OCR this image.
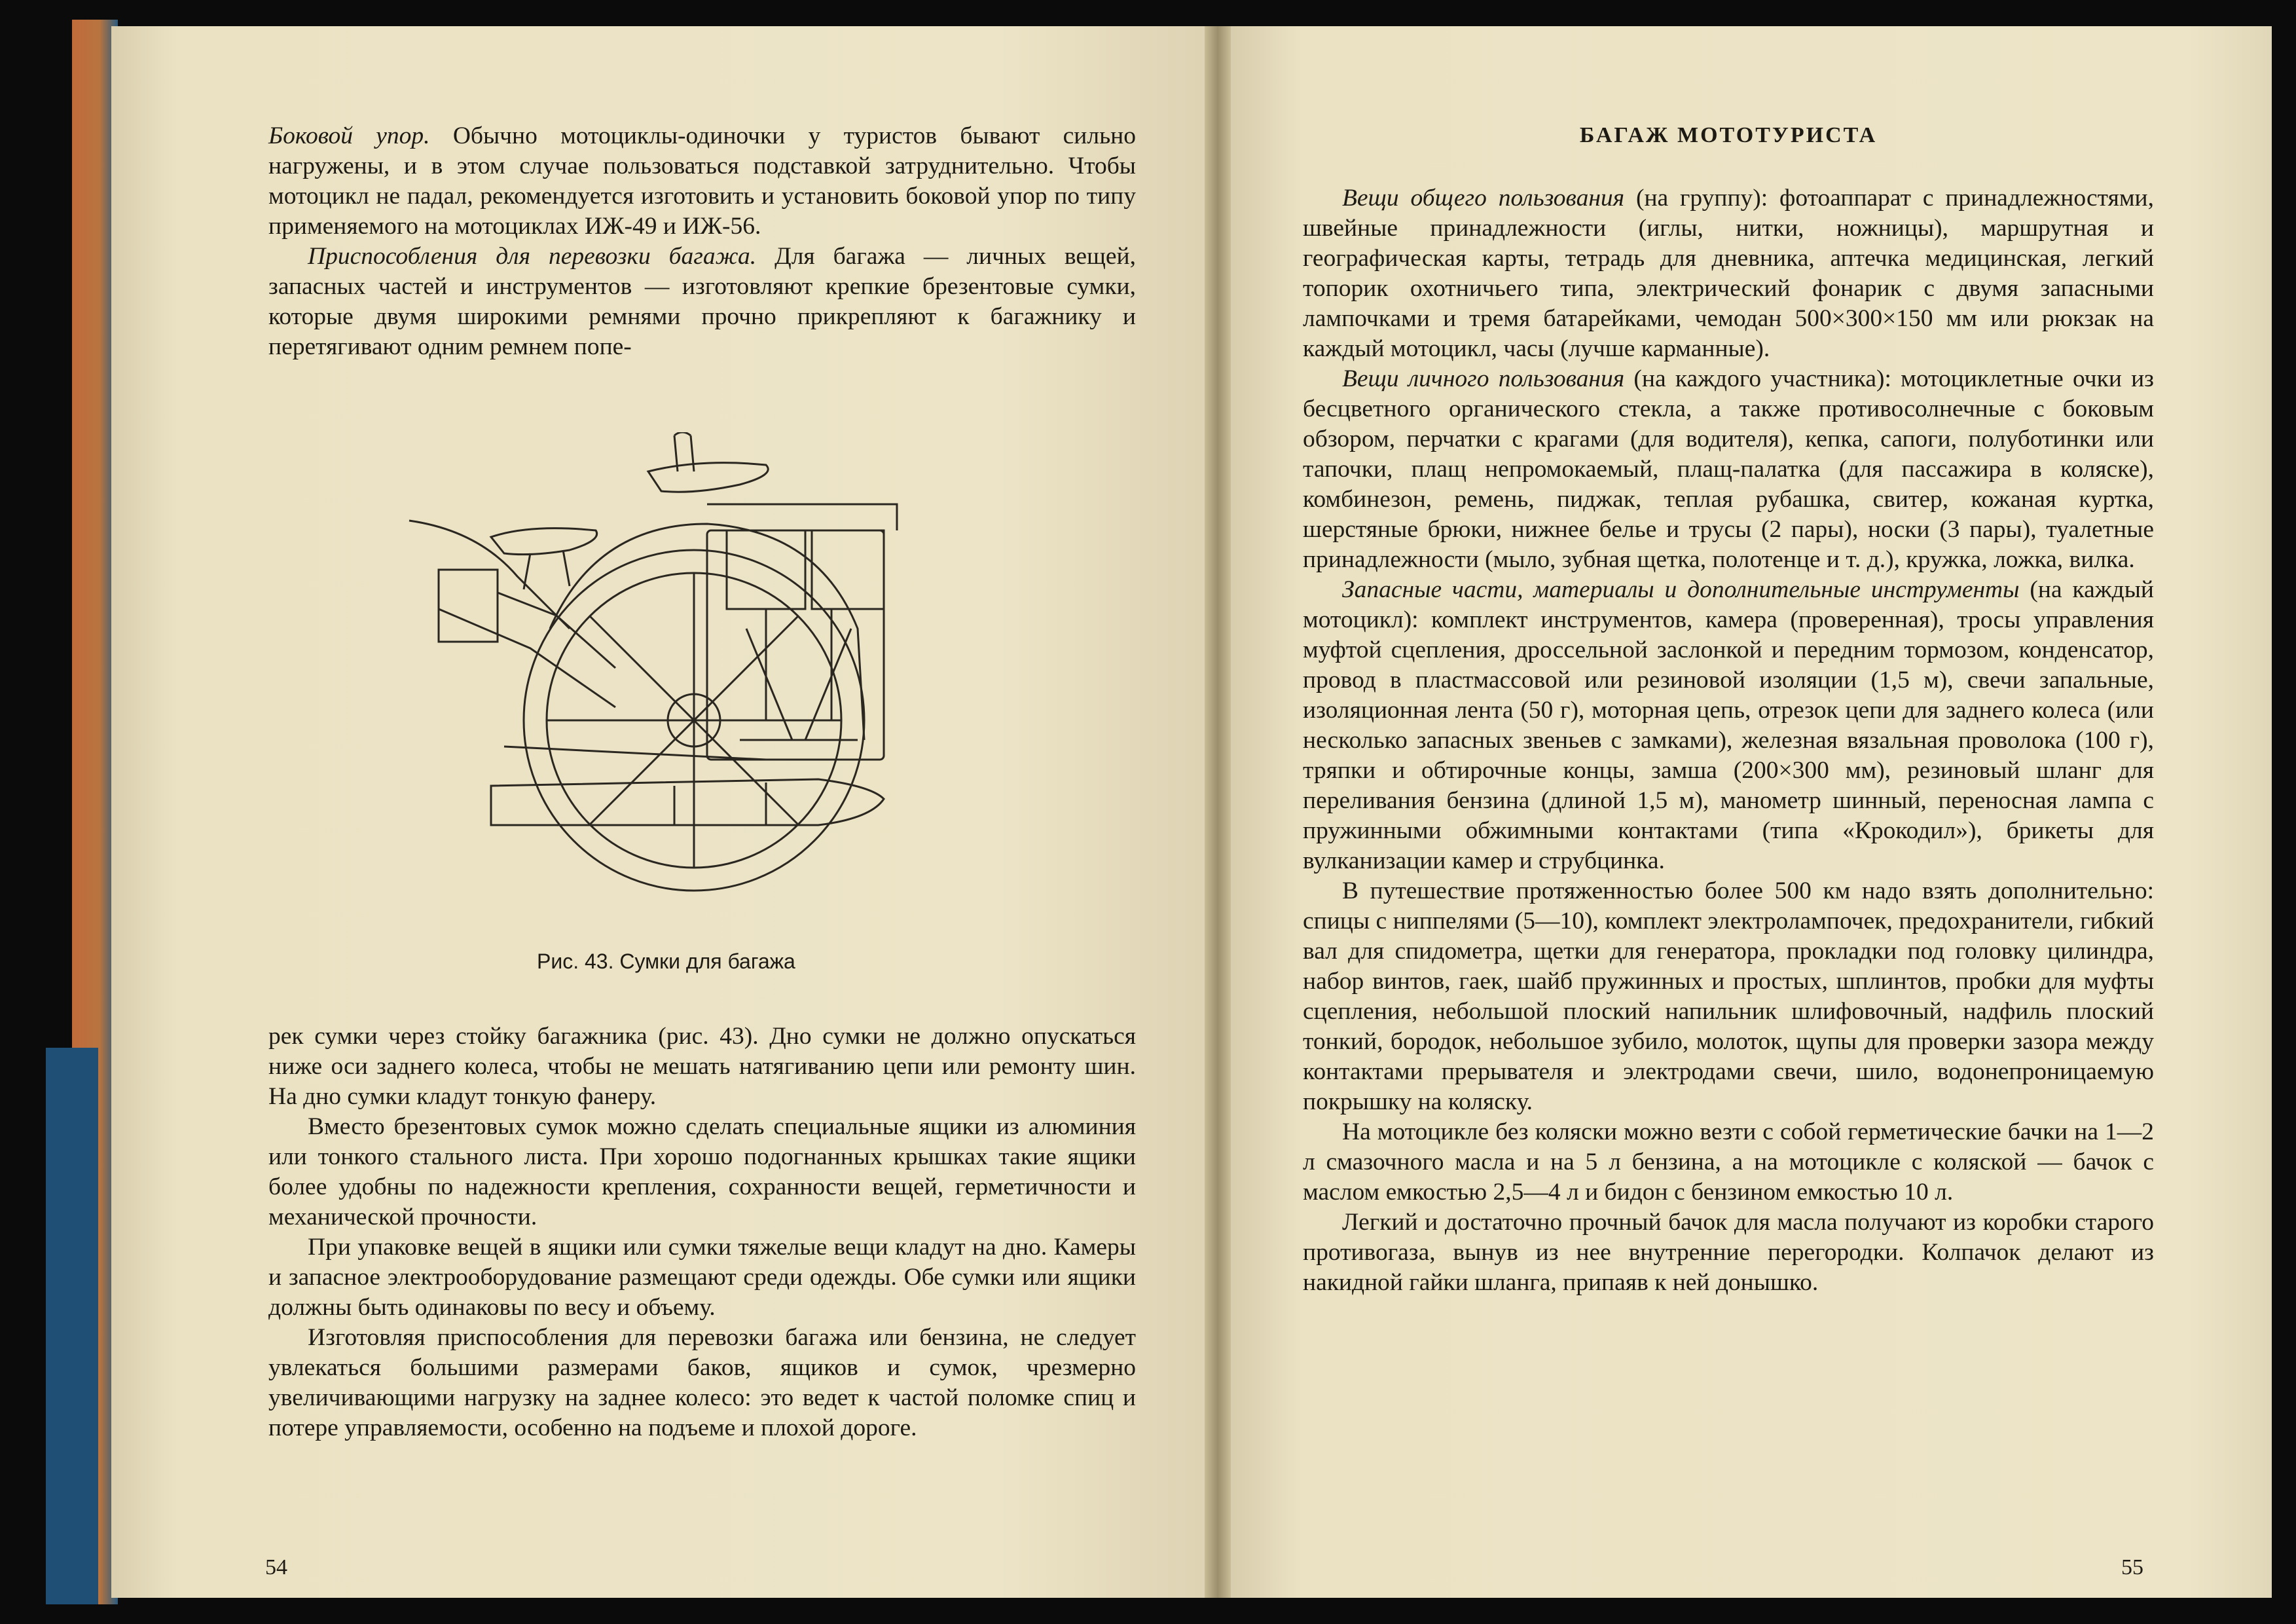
Боковой упор. Обычно мотоциклы-одиночки у туристов бывают сильно нагружены, и в этом случае пользоваться подставкой затруднительно. Чтобы мотоцикл не падал, рекомендуется изготовить и установить боковой упор по типу применяемого на мотоциклах ИЖ-49 и ИЖ-56.

Приспособления для перевозки багажа. Для багажа — личных вещей, запасных частей и инструментов — изготовляют крепкие брезентовые сумки, которые двумя широкими ремнями прочно прикрепляют к багажнику и перетягивают одним ремнем попе-

Рис. 43. Сумки для багажа

рек сумки через стойку багажника (рис. 43). Дно сумки не должно опускаться ниже оси заднего колеса, чтобы не мешать натягиванию цепи или ремонту шин. На дно сумки кладут тонкую фанеру.

Вместо брезентовых сумок можно сделать специальные ящики из алюминия или тонкого стального листа. При хорошо подогнанных крышках такие ящики более удобны по надежности крепления, сохранности вещей, герметичности и механической прочности.

При упаковке вещей в ящики или сумки тяжелые вещи кладут на дно. Камеры и запасное электрооборудование размещают среди одежды. Обе сумки или ящики должны быть одинаковы по весу и объему.

Изготовляя приспособления для перевозки багажа или бензина, не следует увлекаться большими размерами баков, ящиков и сумок, чрезмерно увеличивающими нагрузку на заднее колесо: это ведет к частой поломке спиц и потере управляемости, особенно на подъеме и плохой дороге.

54
БАГАЖ МОТОТУРИСТА

Вещи общего пользования (на группу): фотоаппарат с принадлежностями, швейные принадлежности (иглы, нитки, ножницы), маршрутная и географическая карты, тетрадь для дневника, аптечка медицинская, легкий топорик охотничьего типа, электрический фонарик с двумя запасными лампочками и тремя батарейками, чемодан 500×300×150 мм или рюкзак на каждый мотоцикл, часы (лучше карманные).

Вещи личного пользования (на каждого участника): мотоциклетные очки из бесцветного органического стекла, а также противосолнечные с боковым обзором, перчатки с крагами (для водителя), кепка, сапоги, полуботинки или тапочки, плащ непромокаемый, плащ-палатка (для пассажира в коляске), комбинезон, ремень, пиджак, теплая рубашка, свитер, кожаная куртка, шерстяные брюки, нижнее белье и трусы (2 пары), носки (3 пары), туалетные принадлежности (мыло, зубная щетка, полотенце и т. д.), кружка, ложка, вилка.

Запасные части, материалы и дополнительные инструменты (на каждый мотоцикл): комплект инструментов, камера (проверенная), тросы управления муфтой сцепления, дроссельной заслонкой и передним тормозом, конденсатор, провод в пластмассовой или резиновой изоляции (1,5 м), свечи запальные, изоляционная лента (50 г), моторная цепь, отрезок цепи для заднего колеса (или несколько запасных звеньев с замками), железная вязальная проволока (100 г), тряпки и обтирочные концы, замша (200×300 мм), резиновый шланг для переливания бензина (длиной 1,5 м), манометр шинный, переносная лампа с пружинными обжимными контактами (типа «Крокодил»), брикеты для вулканизации камер и струбцинка.

В путешествие протяженностью более 500 км надо взять дополнительно: спицы с ниппелями (5—10), комплект электролампочек, предохранители, гибкий вал для спидометра, щетки для генератора, прокладки под головку цилиндра, набор винтов, гаек, шайб пружинных и простых, шплинтов, пробки для муфты сцепления, небольшой плоский напильник шлифовочный, надфиль плоский тонкий, бородок, небольшое зубило, молоток, щупы для проверки зазора между контактами прерывателя и электродами свечи, шило, водонепроницаемую покрышку на коляску.

На мотоцикле без коляски можно везти с собой герметические бачки на 1—2 л смазочного масла и на 5 л бензина, а на мотоцикле с коляской — бачок с маслом емкостью 2,5—4 л и бидон с бензином емкостью 10 л.

Легкий и достаточно прочный бачок для масла получают из коробки старого противогаза, вынув из нее внутренние перегородки. Колпачок делают из накидной гайки шланга, припаяв к ней донышко.

55
